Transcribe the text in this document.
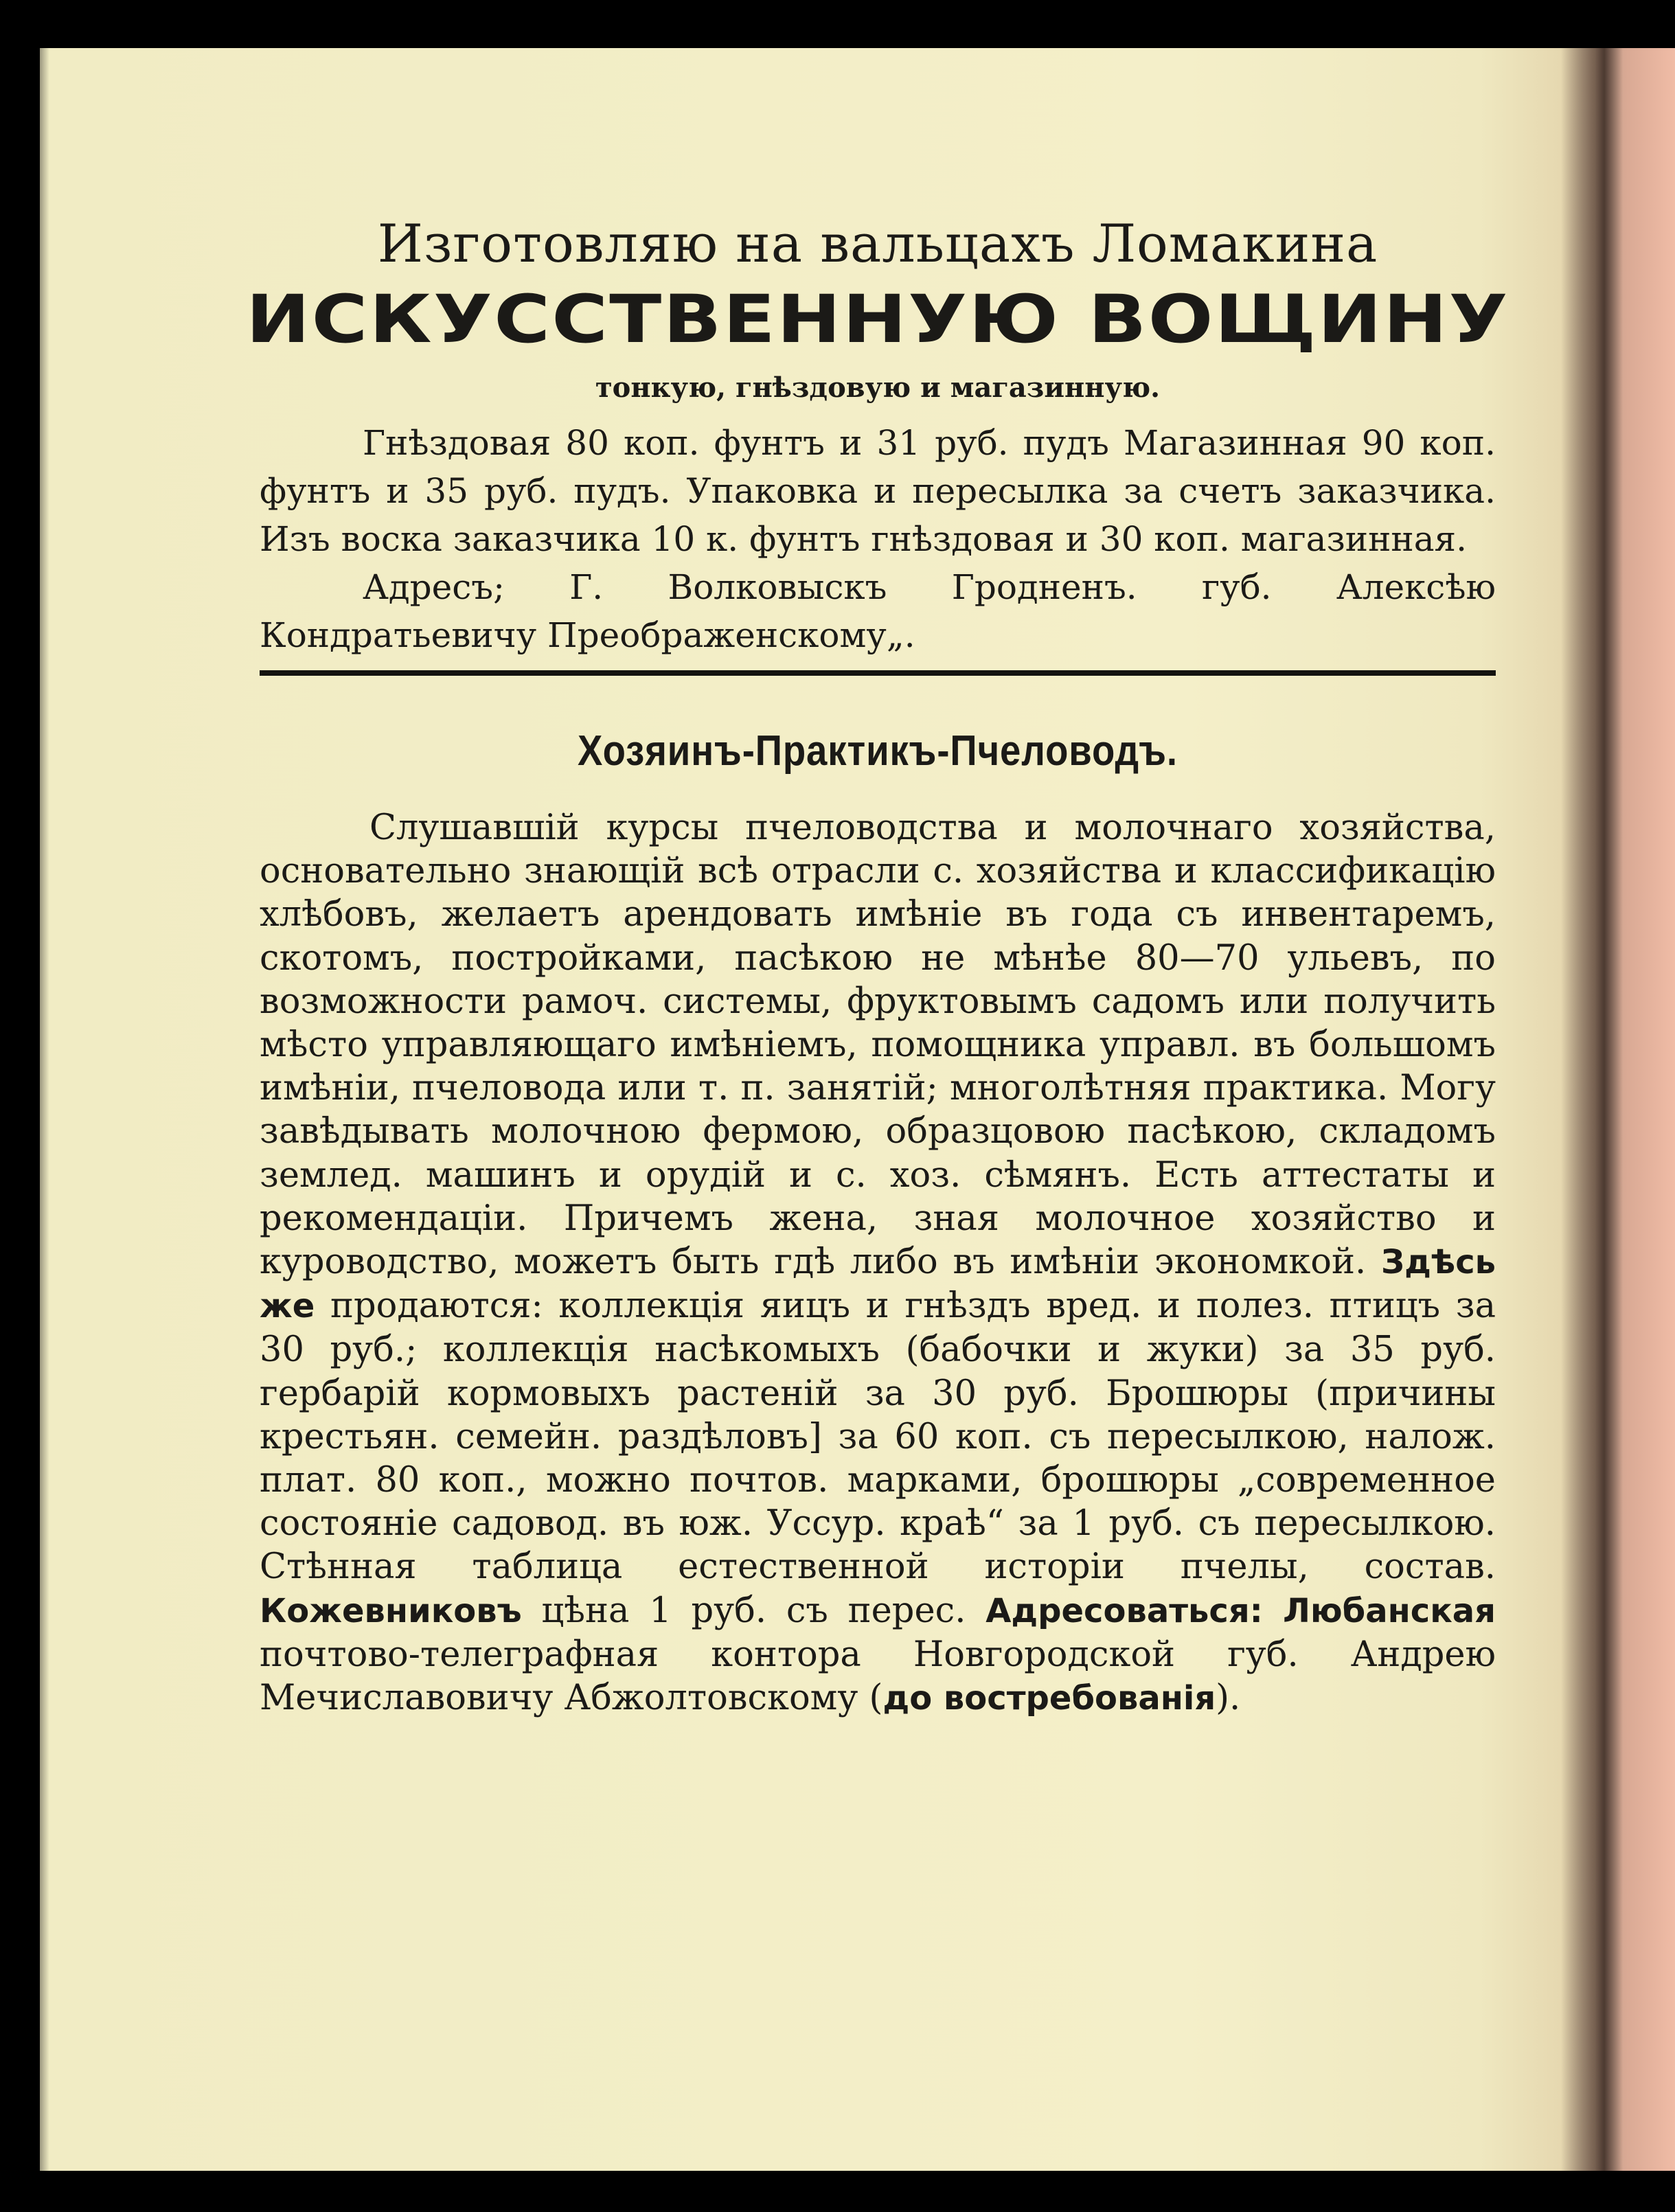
Изготовляю на вальцахъ Ломакина
ИСКУССТВЕННУЮ ВОЩИНУ
тонкую, гнѣздовую и магазинную.

Гнѣздовая 80 коп. фунтъ и 31 руб. пудъ Магазинная 90 коп. фунтъ и 35 руб. пудъ. Упаковка и пересылка за счетъ заказчика. Изъ воска заказчика 10 к. фунтъ гнѣздовая и 30 коп. магазинная.

Адресъ; Г. Волковыскъ Гродненъ. губ. Алексѣю Кондратьевичу Преображенскому„.

Хозяинъ-Практикъ-Пчеловодъ.

Слушавшій курсы пчеловодства и молочнаго хозяйства, основательно знающій всѣ отрасли с. хозяйства и классификацію хлѣбовъ, желаетъ арендовать имѣніе въ года съ инвентаремъ, скотомъ, постройками, пасѣкою не мѣнѣе 80—70 ульевъ, по возможности рамоч. системы, фруктовымъ садомъ или получить мѣсто управляющаго имѣніемъ, помощника управл. въ большомъ имѣніи, пчеловода или т. п. занятій; многолѣтняя практика. Могу завѣдывать молочною фермою, образцовою пасѣкою, складомъ землед. машинъ и орудій и с. хоз. сѣмянъ. Есть аттестаты и рекомендаціи. Причемъ жена, зная молочное хозяйство и куроводство, можетъ быть гдѣ либо въ имѣніи экономкой. Здѣсь же продаются: коллекція яицъ и гнѣздъ вред. и полез. птицъ за 30 руб.; коллекція насѣкомыхъ (бабочки и жуки) за 35 руб. гербарій кормовыхъ растеній за 30 руб. Брошюры (причины крестьян. семейн. раздѣловъ] за 60 коп. съ пересылкою, налож. плат. 80 коп., можно почтов. марками, брошюры „современное состояніе садовод. въ юж. Уссур. краѣ“ за 1 руб. съ пересылкою. Стѣнная таблица естественной исторіи пчелы, состав. Кожевниковъ цѣна 1 руб. съ перес. Адресоваться: Любанская почтово-телеграфная контора Новгородской губ. Андрею Мечиславовичу Абжолтовскому (до востребованія).
